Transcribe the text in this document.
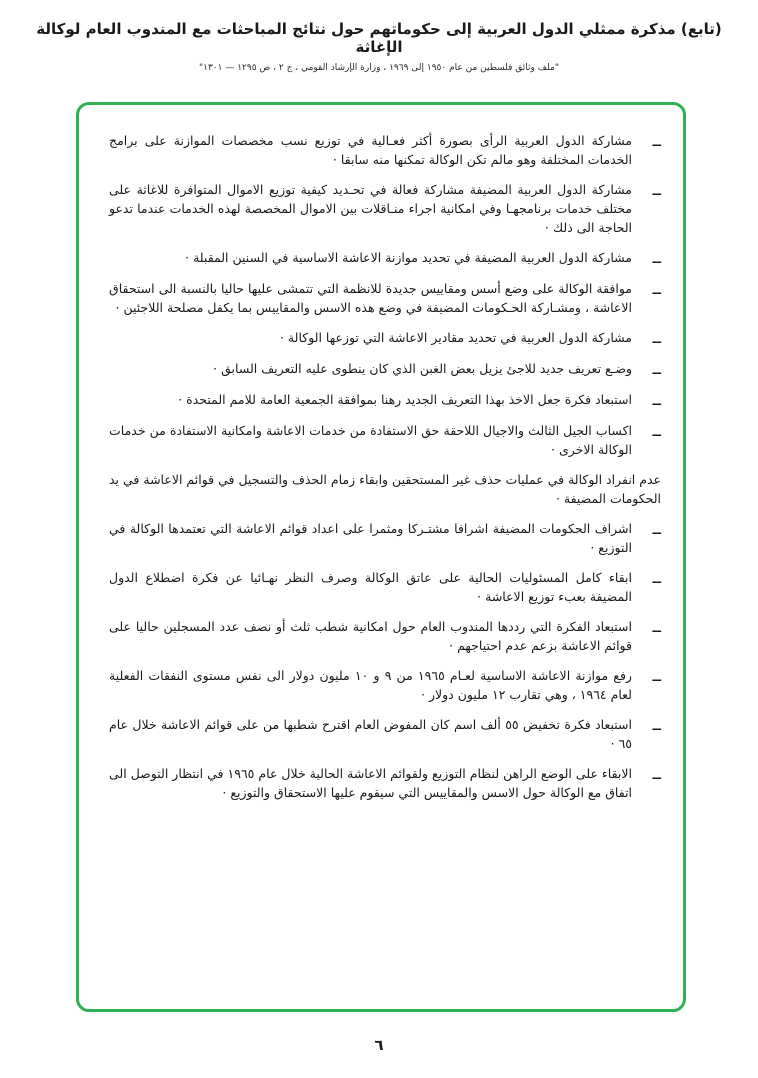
(تابع) مذكرة ممثلي الدول العربية إلى حكوماتهم حول نتائج المباحثات مع المندوب العام لوكالة الإغاثة
"ملف وثائق فلسطين من عام ١٩٥٠ إلى ١٩٦٩ ، وزارة الإرشاد القومي ، ج ٢ ، ص ١٢٩٥ — ١٣٠١"
ــ
مشاركة الدول العربية الرأى بصورة أكثر فعـالية في توزيع نسب مخصصات الموازنة على برامج الخدمات المختلفة وهو مالم تكن الوكالة تمكنها منه سابقا ·
ــ
مشاركة الدول العربية المضيفة مشاركة فعالة في تحـديد كيفية توزيع الاموال المتوافرة للاغاثة على مختلف خدمات برنامجهـا وفي امكانية اجراء منـاقلات بين الاموال المخصصة لهذه الخدمات عندما تدعو الحاجة الى ذلك ·
ــ
مشاركة الدول العربية المضيفة في تحديد موازنة الاعاشة الاساسية في السنين المقبلة ·
ــ
موافقة الوكالة على وضع أسس ومقاييس جديدة للانظمة التي تتمشى عليها حاليا بالنسبة الى استحقاق الاعاشة ، ومشـاركة الحـكومات المضيفة في وضع هذه الاسس والمقاييس بما يكفل مصلحة اللاجئين ·
ــ
مشاركة الدول العربية في تحديد مقادير الاعاشة التي توزعها الوكالة ·
ــ
وضـع تعريف جديد للاجئ يزيل بعض الغبن الذي كان ينطوى عليه التعريف السابق ·
ــ
استبعاد فكرة جعل الاخذ بهذا التعريف الجديد رهنا بموافقة الجمعية العامة للامم المتحدة ·
ــ
اكساب الجيل الثالث والاجيال اللاحقة حق الاستفادة من خدمات الاعاشة وامكانية الاستفادة من خدمات الوكالة الاخرى ·
عدم انفراد الوكالة في عمليات حذف غير المستحقين وابقاء زمام الحذف والتسجيل في قوائم الاعاشة في يد الحكومات المضيفة ·
ــ
اشراف الحكومات المضيفة اشرافا مشتـركا ومثمرا على اعداد قوائم الاعاشة التي تعتمدها الوكالة في التوزيع ·
ــ
ابقاء كامل المسئوليات الحالية على عاتق الوكالة وصرف النظر نهـائيا عن فكرة اضطلاع الدول المضيفة بعبء توزيع الاعاشة ·
ــ
استبعاد الفكرة التي رددها المندوب العام حول امكانية شطب ثلث أو نصف عدد المسجلين حاليا على قوائم الاعاشة بزعم عدم احتياجهم ·
ــ
رفع موازنة الاعاشة الاساسية لعـام ١٩٦٥ من ٩ و ١٠ مليون دولار الى نفس مستوى النفقات الفعلية لعام ١٩٦٤ ، وهي تقارب ١٢ مليون دولار ·
ــ
استبعاد فكرة تخفيض ٥٥ ألف اسم كان المفوض العام اقترح شطبها من على قوائم الاعاشة خلال عام ٦٥ ·
ــ
الابقاء على الوضع الراهن لنظام التوزيع ولقوائم الاعاشة الحالية خلال عام ١٩٦٥ في انتظار التوصل الى اتفاق مع الوكالة حول الاسس والمقاييس التي سيقوم عليها الاستحقاق والتوزيع ·
٦
